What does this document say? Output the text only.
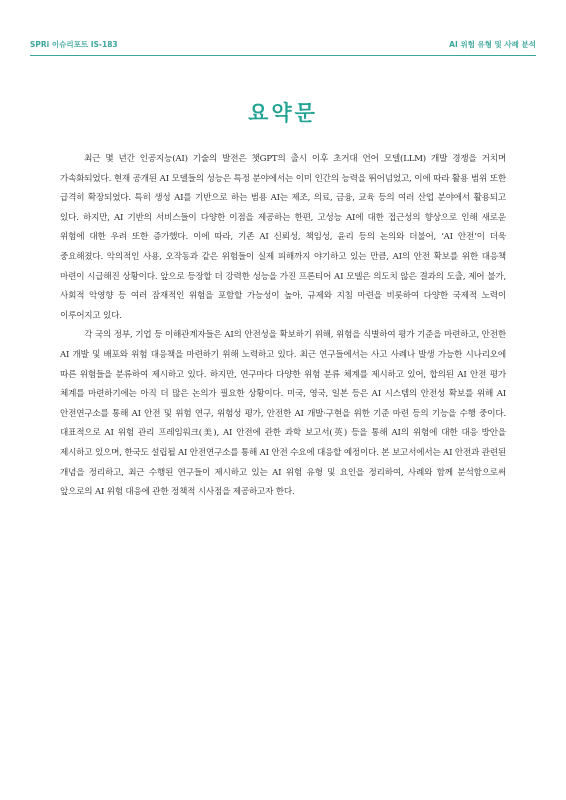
SPRi 이슈리포트 IS-183	AI 위험 유형 및 사례 분석
요약문

최근 몇 년간 인공지능(AI) 기술의 발전은 챗GPT의 출시 이후 초거대 언어 모델(LLM) 개발 경쟁을 거치며 가속화되었다. 현재 공개된 AI 모델들의 성능은 특정 분야에서는 이미 인간의 능력을 뛰어넘었고, 이에 따라 활용 범위 또한 급격히 확장되었다. 특히 생성 AI를 기반으로 하는 범용 AI는 제조, 의료, 금융, 교육 등의 여러 산업 분야에서 활용되고 있다. 하지만, AI 기반의 서비스들이 다양한 이점을 제공하는 한편, 고성능 AI에 대한 접근성의 향상으로 인해 새로운 위험에 대한 우려 또한 증가했다. 이에 따라, 기존 AI 신뢰성, 책임성, 윤리 등의 논의와 더불어, ‘AI 안전’이 더욱 중요해졌다. 악의적인 사용, 오작동과 같은 위험들이 실제 피해까지 야기하고 있는 만큼, AI의 안전 확보를 위한 대응책 마련이 시급해진 상황이다. 앞으로 등장할 더 강력한 성능을 가진 프론티어 AI 모델은 의도치 않은 결과의 도출, 제어 불가, 사회적 악영향 등 여러 잠재적인 위험을 포함할 가능성이 높아, 규제와 지침 마련을 비롯하여 다양한 국제적 노력이 이루어지고 있다.

각 국의 정부, 기업 등 이해관계자들은 AI의 안전성을 확보하기 위해, 위험을 식별하여 평가 기준을 마련하고, 안전한 AI 개발 및 배포와 위험 대응책을 마련하기 위해 노력하고 있다. 최근 연구들에서는 사고 사례나 발생 가능한 시나리오에 따른 위험들을 분류하여 제시하고 있다. 하지만, 연구마다 다양한 위험 분류 체계를 제시하고 있어, 합의된 AI 안전 평가 체계를 마련하기에는 아직 더 많은 논의가 필요한 상황이다. 미국, 영국, 일본 등은 AI 시스템의 안전성 확보를 위해 AI 안전연구소를 통해 AI 안전 및 위험 연구, 위험성 평가, 안전한 AI 개발·구현을 위한 기준 마련 등의 기능을 수행 중이다. 대표적으로 AI 위험 관리 프레임워크(美), AI 안전에 관한 과학 보고서(英) 등을 통해 AI의 위험에 대한 대응 방안을 제시하고 있으며, 한국도 설립될 AI 안전연구소를 통해 AI 안전 수요에 대응할 예정이다. 본 보고서에서는 AI 안전과 관련된 개념을 정리하고, 최근 수행된 연구들이 제시하고 있는 AI 위험 유형 및 요인을 정리하여, 사례와 함께 분석함으로써 앞으로의 AI 위험 대응에 관한 정책적 시사점을 제공하고자 한다.
